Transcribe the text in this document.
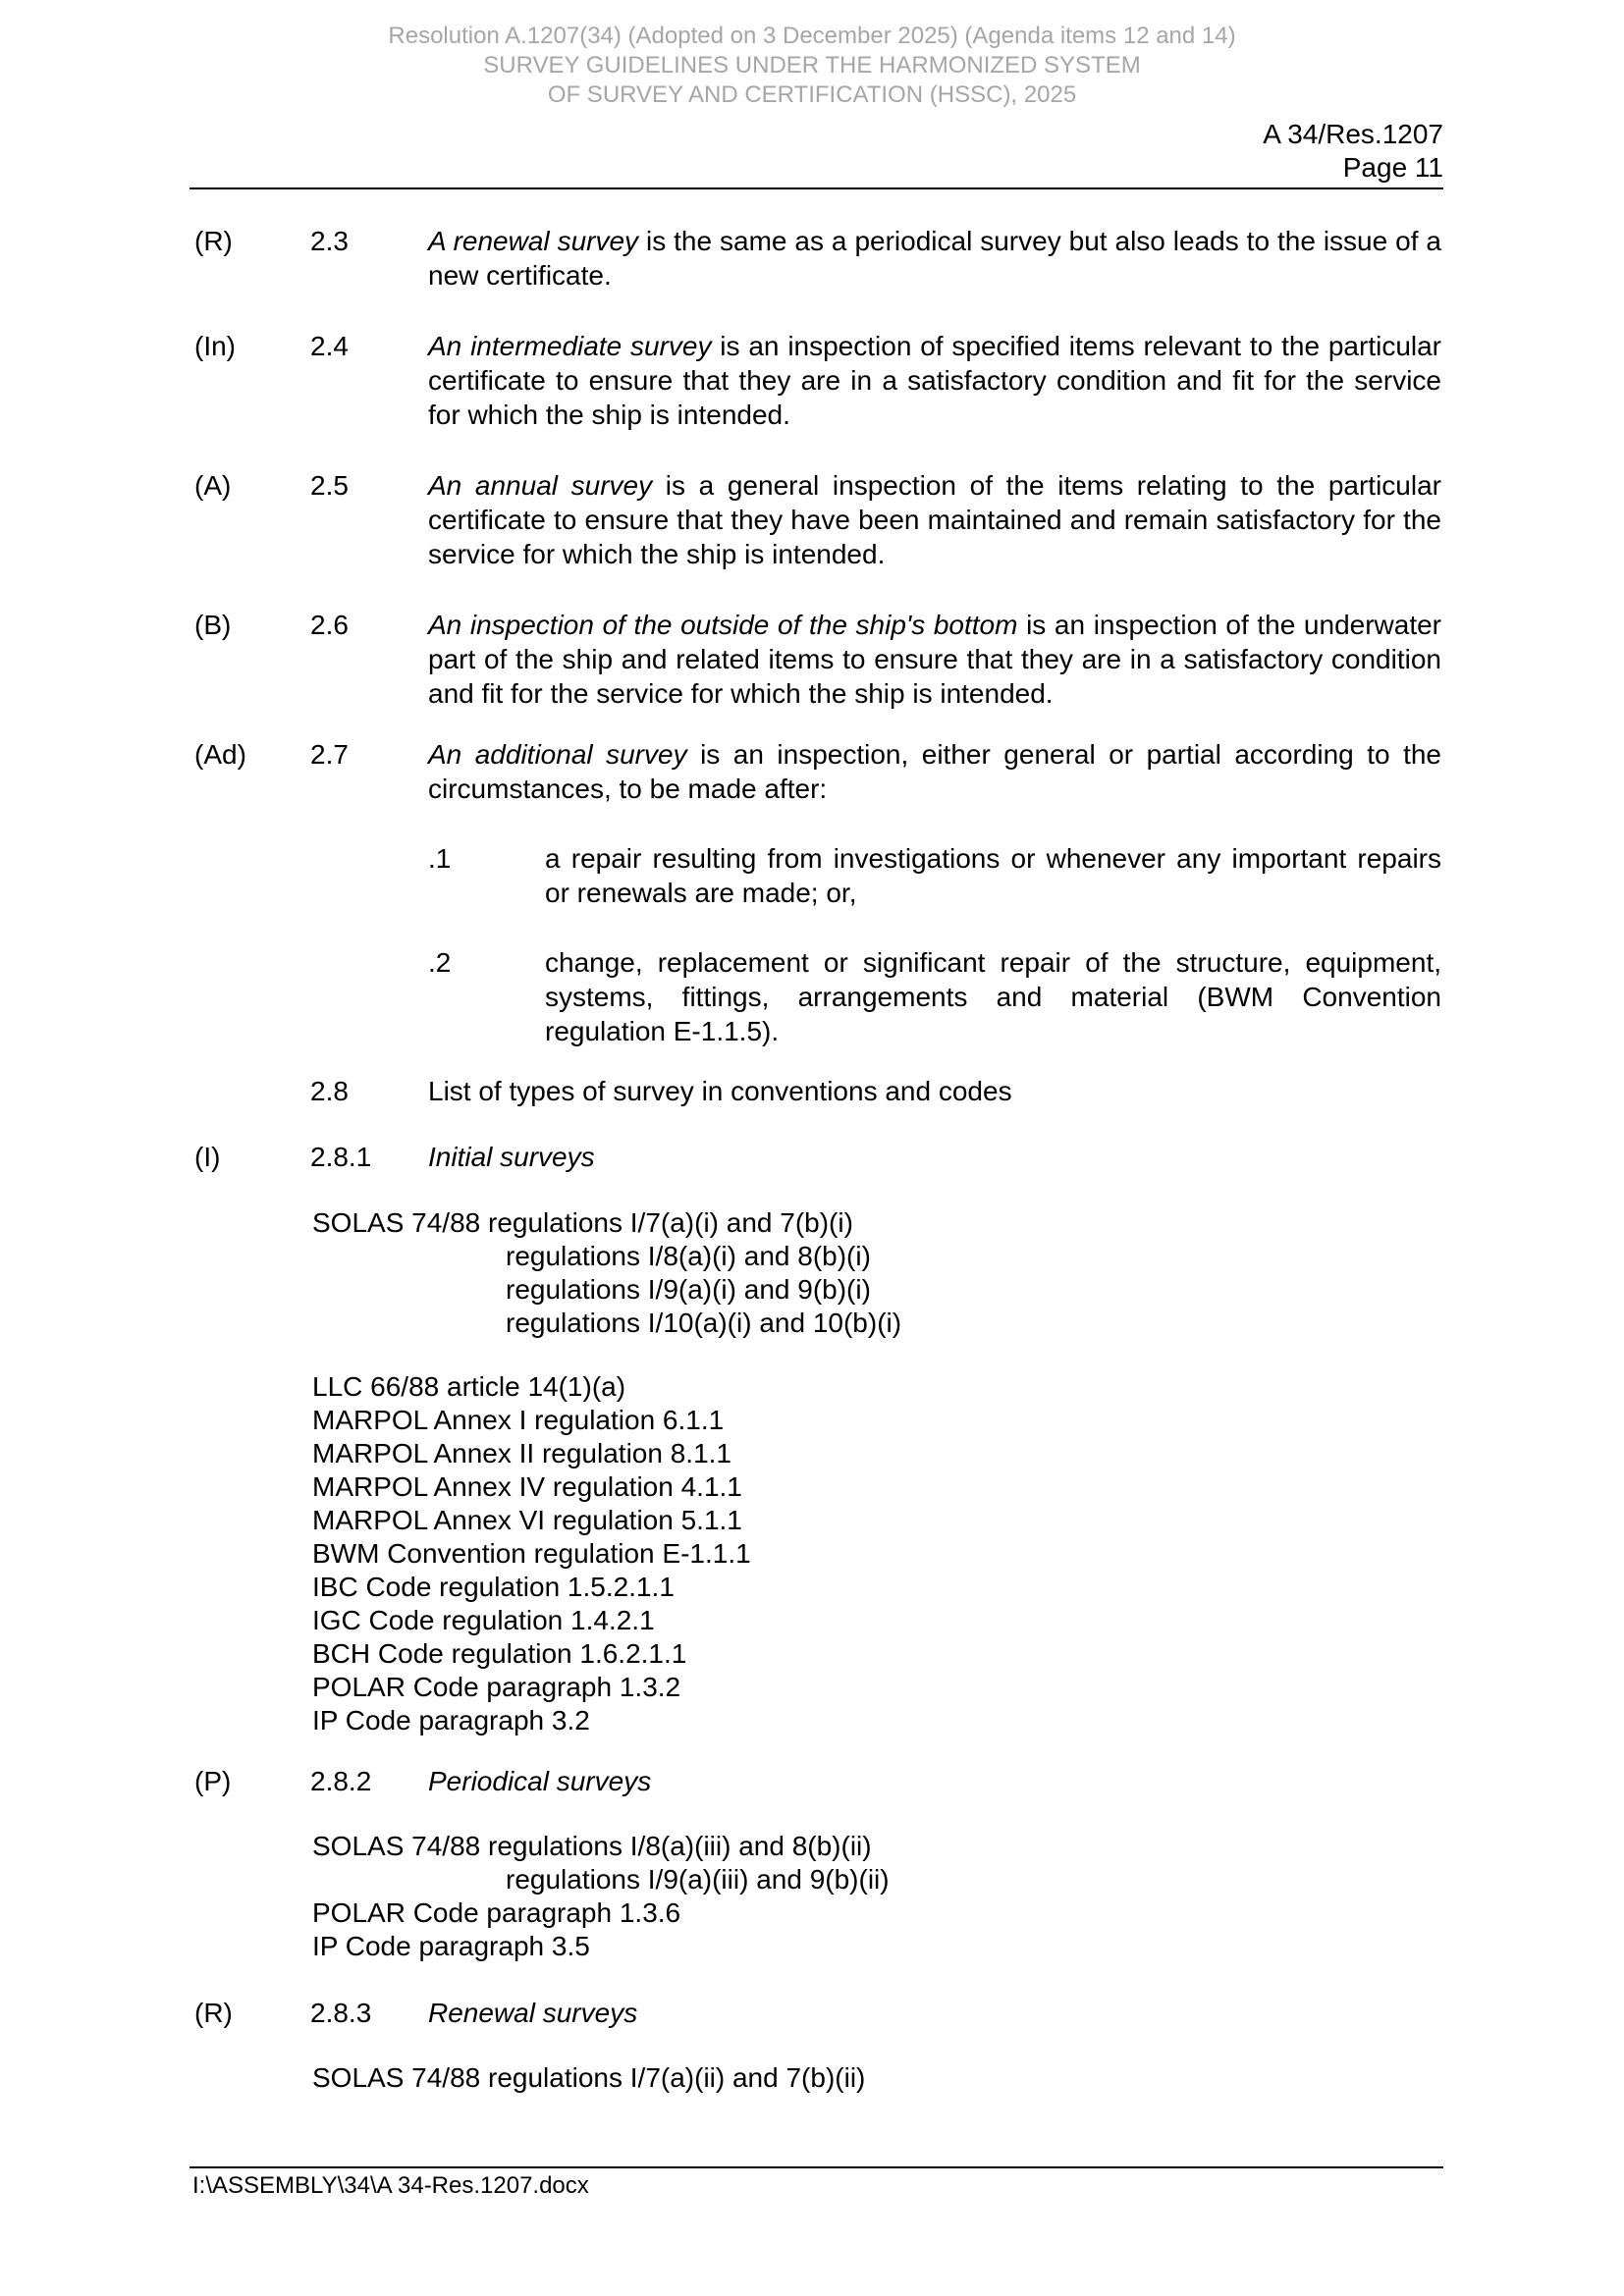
Resolution A.1207(34) (Adopted on 3 December 2025) (Agenda items 12 and 14)
SURVEY GUIDELINES UNDER THE HARMONIZED SYSTEM
OF SURVEY AND CERTIFICATION (HSSC), 2025
A 34/Res.1207
Page 11
(R)	2.3	A renewal survey is the same as a periodical survey but also leads to the issue of a new certificate.
(In)	2.4	An intermediate survey is an inspection of specified items relevant to the particular certificate to ensure that they are in a satisfactory condition and fit for the service for which the ship is intended.
(A)	2.5	An annual survey is a general inspection of the items relating to the particular certificate to ensure that they have been maintained and remain satisfactory for the service for which the ship is intended.
(B)	2.6	An inspection of the outside of the ship's bottom is an inspection of the underwater part of the ship and related items to ensure that they are in a satisfactory condition and fit for the service for which the ship is intended.
(Ad) 2.7	An additional survey is an inspection, either general or partial according to the circumstances, to be made after:
.1	a repair resulting from investigations or whenever any important repairs or renewals are made; or,
.2	change, replacement or significant repair of the structure, equipment, systems, fittings, arrangements and material (BWM Convention regulation E-1.1.5).
2.8	List of types of survey in conventions and codes
(I)	2.8.1 Initial surveys
SOLAS 74/88 regulations I/7(a)(i) and 7(b)(i)
regulations I/8(a)(i) and 8(b)(i)
regulations I/9(a)(i) and 9(b)(i)
regulations I/10(a)(i) and 10(b)(i)
LLC 66/88 article 14(1)(a)
MARPOL Annex I regulation 6.1.1
MARPOL Annex II regulation 8.1.1
MARPOL Annex IV regulation 4.1.1
MARPOL Annex VI regulation 5.1.1
BWM Convention regulation E-1.1.1
IBC Code regulation 1.5.2.1.1
IGC Code regulation 1.4.2.1
BCH Code regulation 1.6.2.1.1
POLAR Code paragraph 1.3.2
IP Code paragraph 3.2
(P)	2.8.2 Periodical surveys
SOLAS 74/88 regulations I/8(a)(iii) and 8(b)(ii)
regulations I/9(a)(iii) and 9(b)(ii)
POLAR Code paragraph 1.3.6
IP Code paragraph 3.5
(R)	2.8.3 Renewal surveys
SOLAS 74/88 regulations I/7(a)(ii) and 7(b)(ii)
I:\ASSEMBLY\34\A 34-Res.1207.docx
